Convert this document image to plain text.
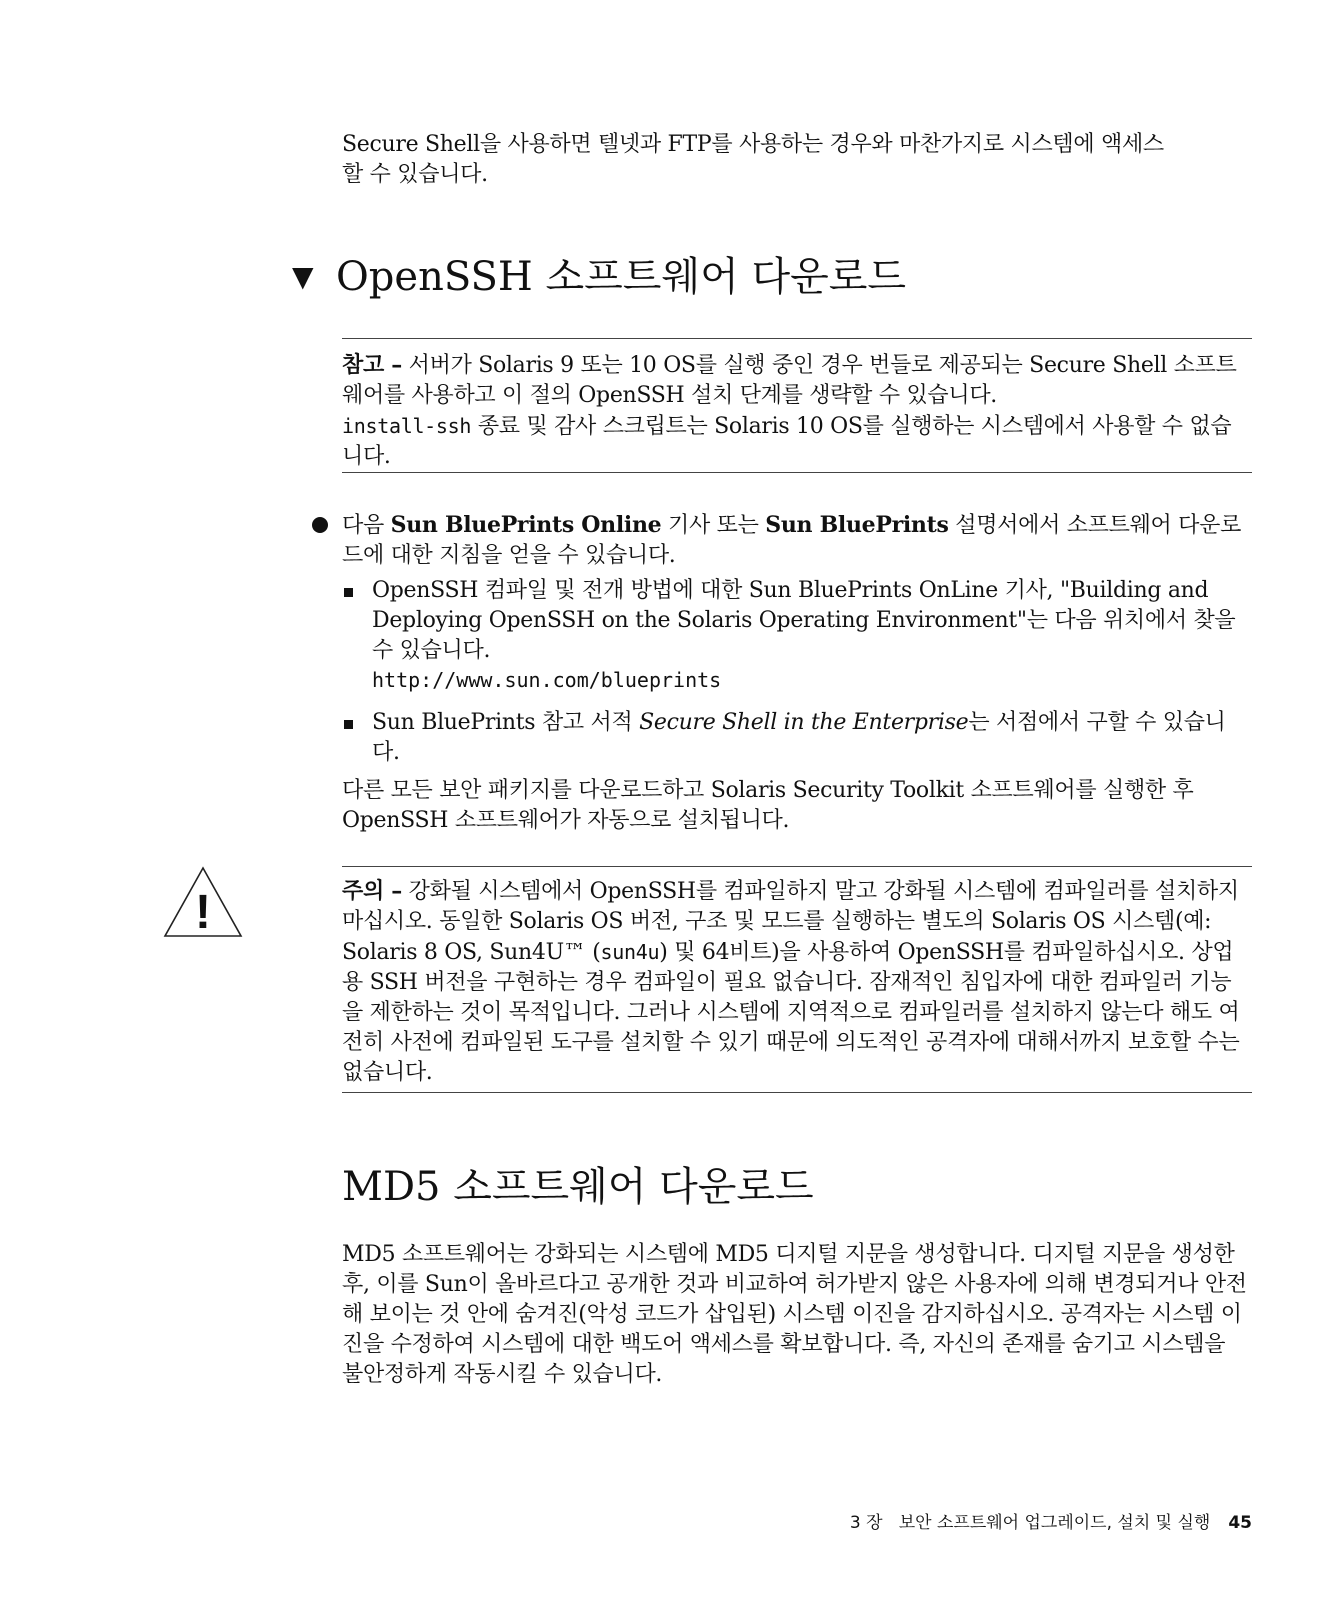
Secure Shell을 사용하면 텔넷과 FTP를 사용하는 경우와 마찬가지로 시스템에 액세스
할 수 있습니다.
▼ OpenSSH 소프트웨어 다운로드
참고 – 서버가 Solaris 9 또는 10 OS를 실행 중인 경우 번들로 제공되는 Secure Shell 소프트웨어를 사용하고 이 절의 OpenSSH 설치 단계를 생략할 수 있습니다.
install-ssh 종료 및 감사 스크립트는 Solaris 10 OS를 실행하는 시스템에서 사용할 수 없습니다.
다음 Sun BluePrints Online 기사 또는 Sun BluePrints 설명서에서 소프트웨어 다운로드에 대한 지침을 얻을 수 있습니다.
OpenSSH 컴파일 및 전개 방법에 대한 Sun BluePrints OnLine 기사, "Building and Deploying OpenSSH on the Solaris Operating Environment"는 다음 위치에서 찾을 수 있습니다.
http://www.sun.com/blueprints
Sun BluePrints 참고 서적 Secure Shell in the Enterprise는 서점에서 구할 수 있습니다.
다른 모든 보안 패키지를 다운로드하고 Solaris Security Toolkit 소프트웨어를 실행한 후 OpenSSH 소프트웨어가 자동으로 설치됩니다.
!	주의 – 강화될 시스템에서 OpenSSH를 컴파일하지 말고 강화될 시스템에 컴파일러를 설치하지 마십시오. 동일한 Solaris OS 버전, 구조 및 모드를 실행하는 별도의 Solaris OS 시스템(예: Solaris 8 OS, Sun4U™ (sun4u) 및 64비트)을 사용하여 OpenSSH를 컴파일하십시오. 상업용 SSH 버전을 구현하는 경우 컴파일이 필요 없습니다. 잠재적인 침입자에 대한 컴파일러 기능을 제한하는 것이 목적입니다. 그러나 시스템에 지역적으로 컴파일러를 설치하지 않는다 해도 여전히 사전에 컴파일된 도구를 설치할 수 있기 때문에 의도적인 공격자에 대해서까지 보호할 수는 없습니다.
MD5 소프트웨어 다운로드
MD5 소프트웨어는 강화되는 시스템에 MD5 디지털 지문을 생성합니다. 디지털 지문을 생성한 후, 이를 Sun이 올바르다고 공개한 것과 비교하여 허가받지 않은 사용자에 의해 변경되거나 안전해 보이는 것 안에 숨겨진(악성 코드가 삽입된) 시스템 이진을 감지하십시오. 공격자는 시스템 이진을 수정하여 시스템에 대한 백도어 액세스를 확보합니다. 즉, 자신의 존재를 숨기고 시스템을 불안정하게 작동시킬 수 있습니다.
3 장   보안 소프트웨어 업그레이드, 설치 및 실행 45
